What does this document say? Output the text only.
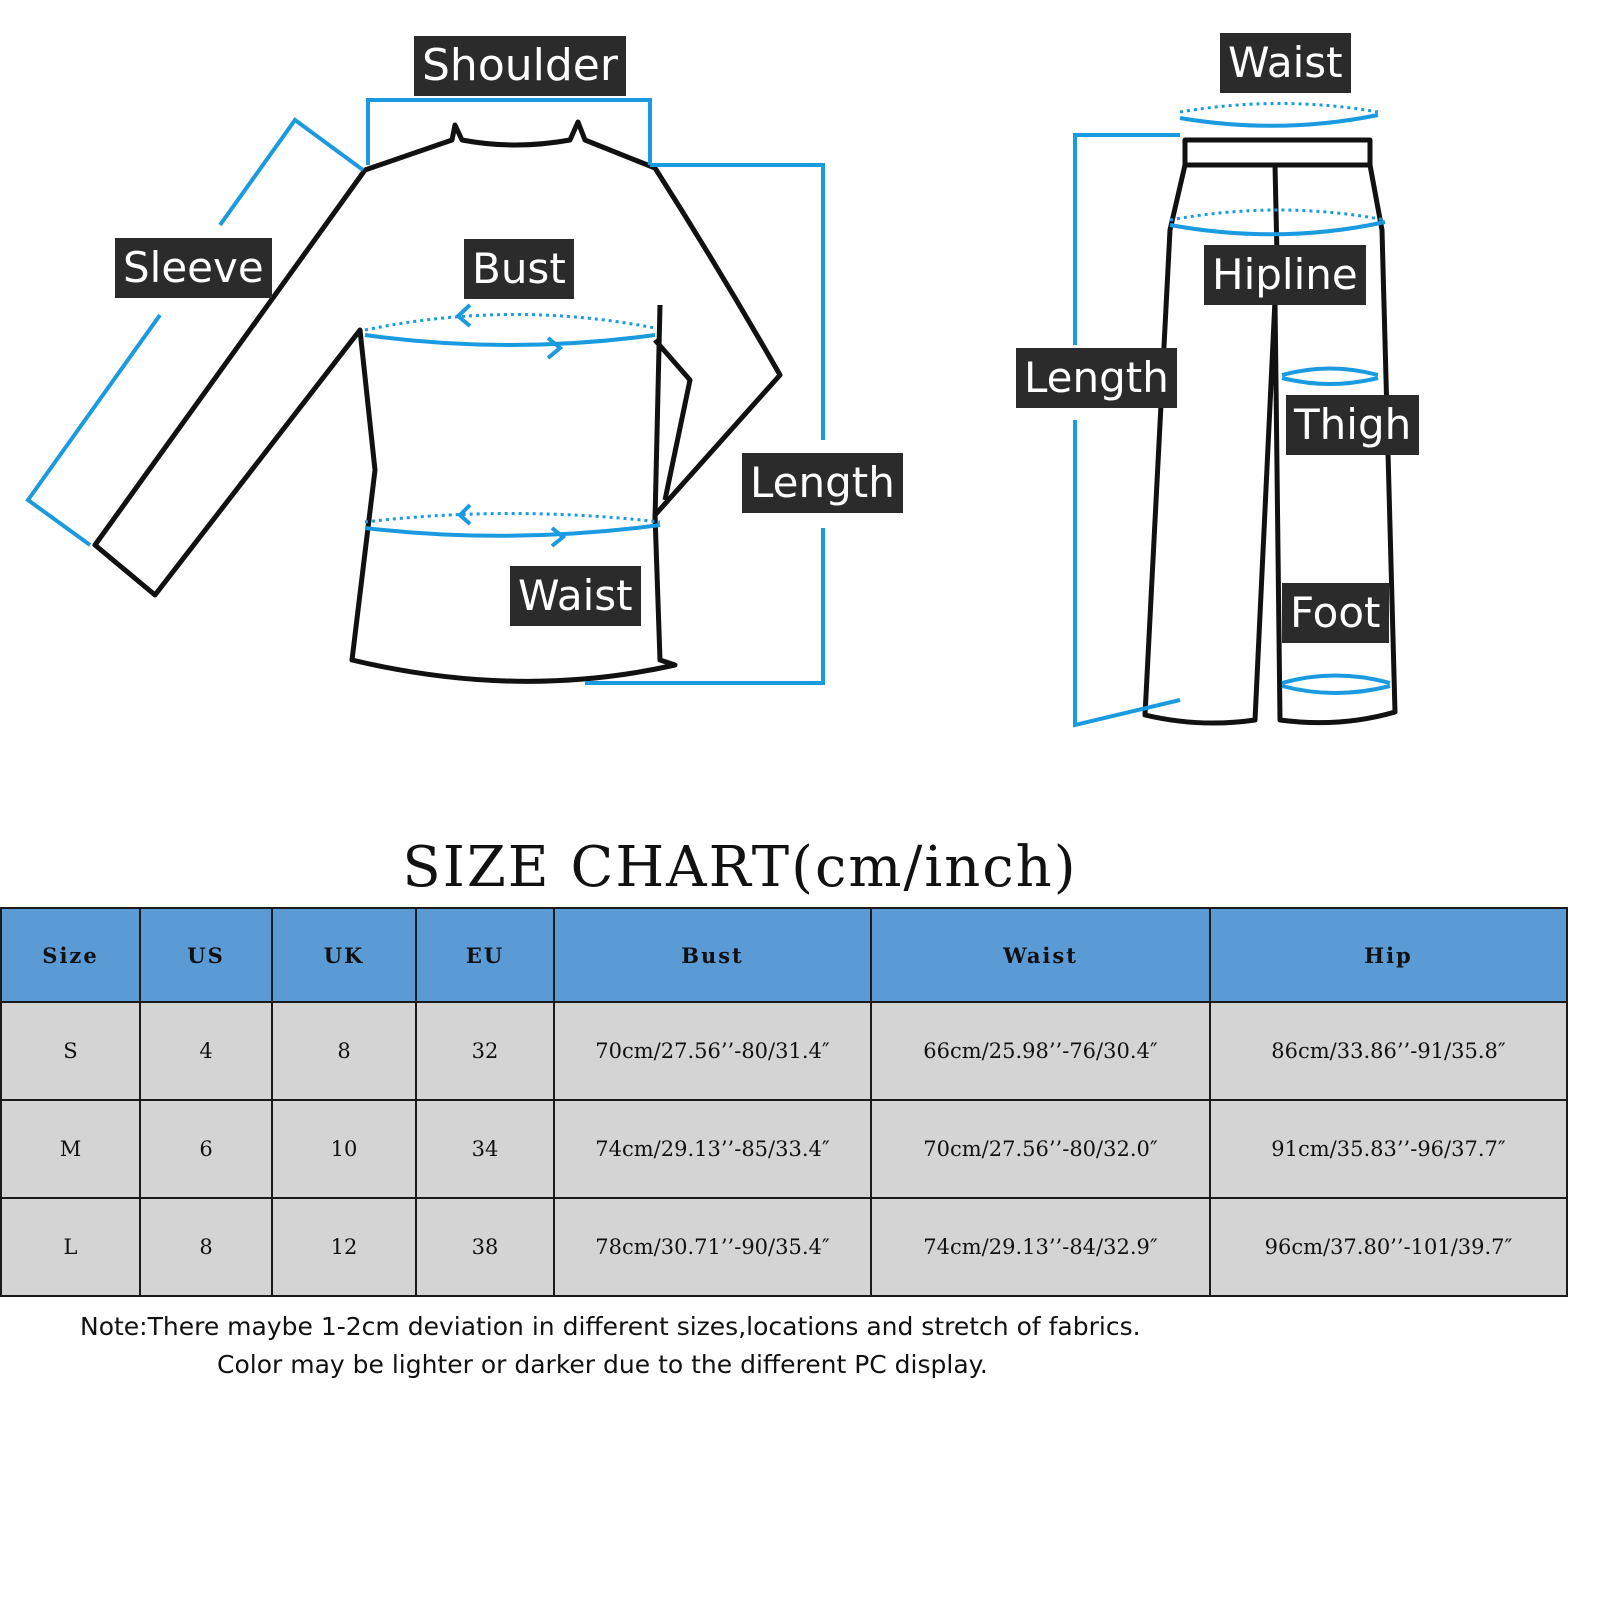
Shoulder
Sleeve	Bust
Length
Waist
Waist
Hipline
Length
Thigh
Foot
SIZE CHART(cm/inch)
Size	US	UK	EU	Bust	Waist	Hip
S	4	8	32	70cm/27.56’’-80/31.4″	66cm/25.98’’-76/30.4″	86cm/33.86’’-91/35.8″
M	6	10	34	74cm/29.13’’-85/33.4″	70cm/27.56’’-80/32.0″	91cm/35.83’’-96/37.7″
L	8	12	38	78cm/30.71’’-90/35.4″	74cm/29.13’’-84/32.9″	96cm/37.80’’-101/39.7″
Note:There maybe 1-2cm deviation in different sizes,locations and stretch of fabrics.
Color may be lighter or darker due to the different PC display.
